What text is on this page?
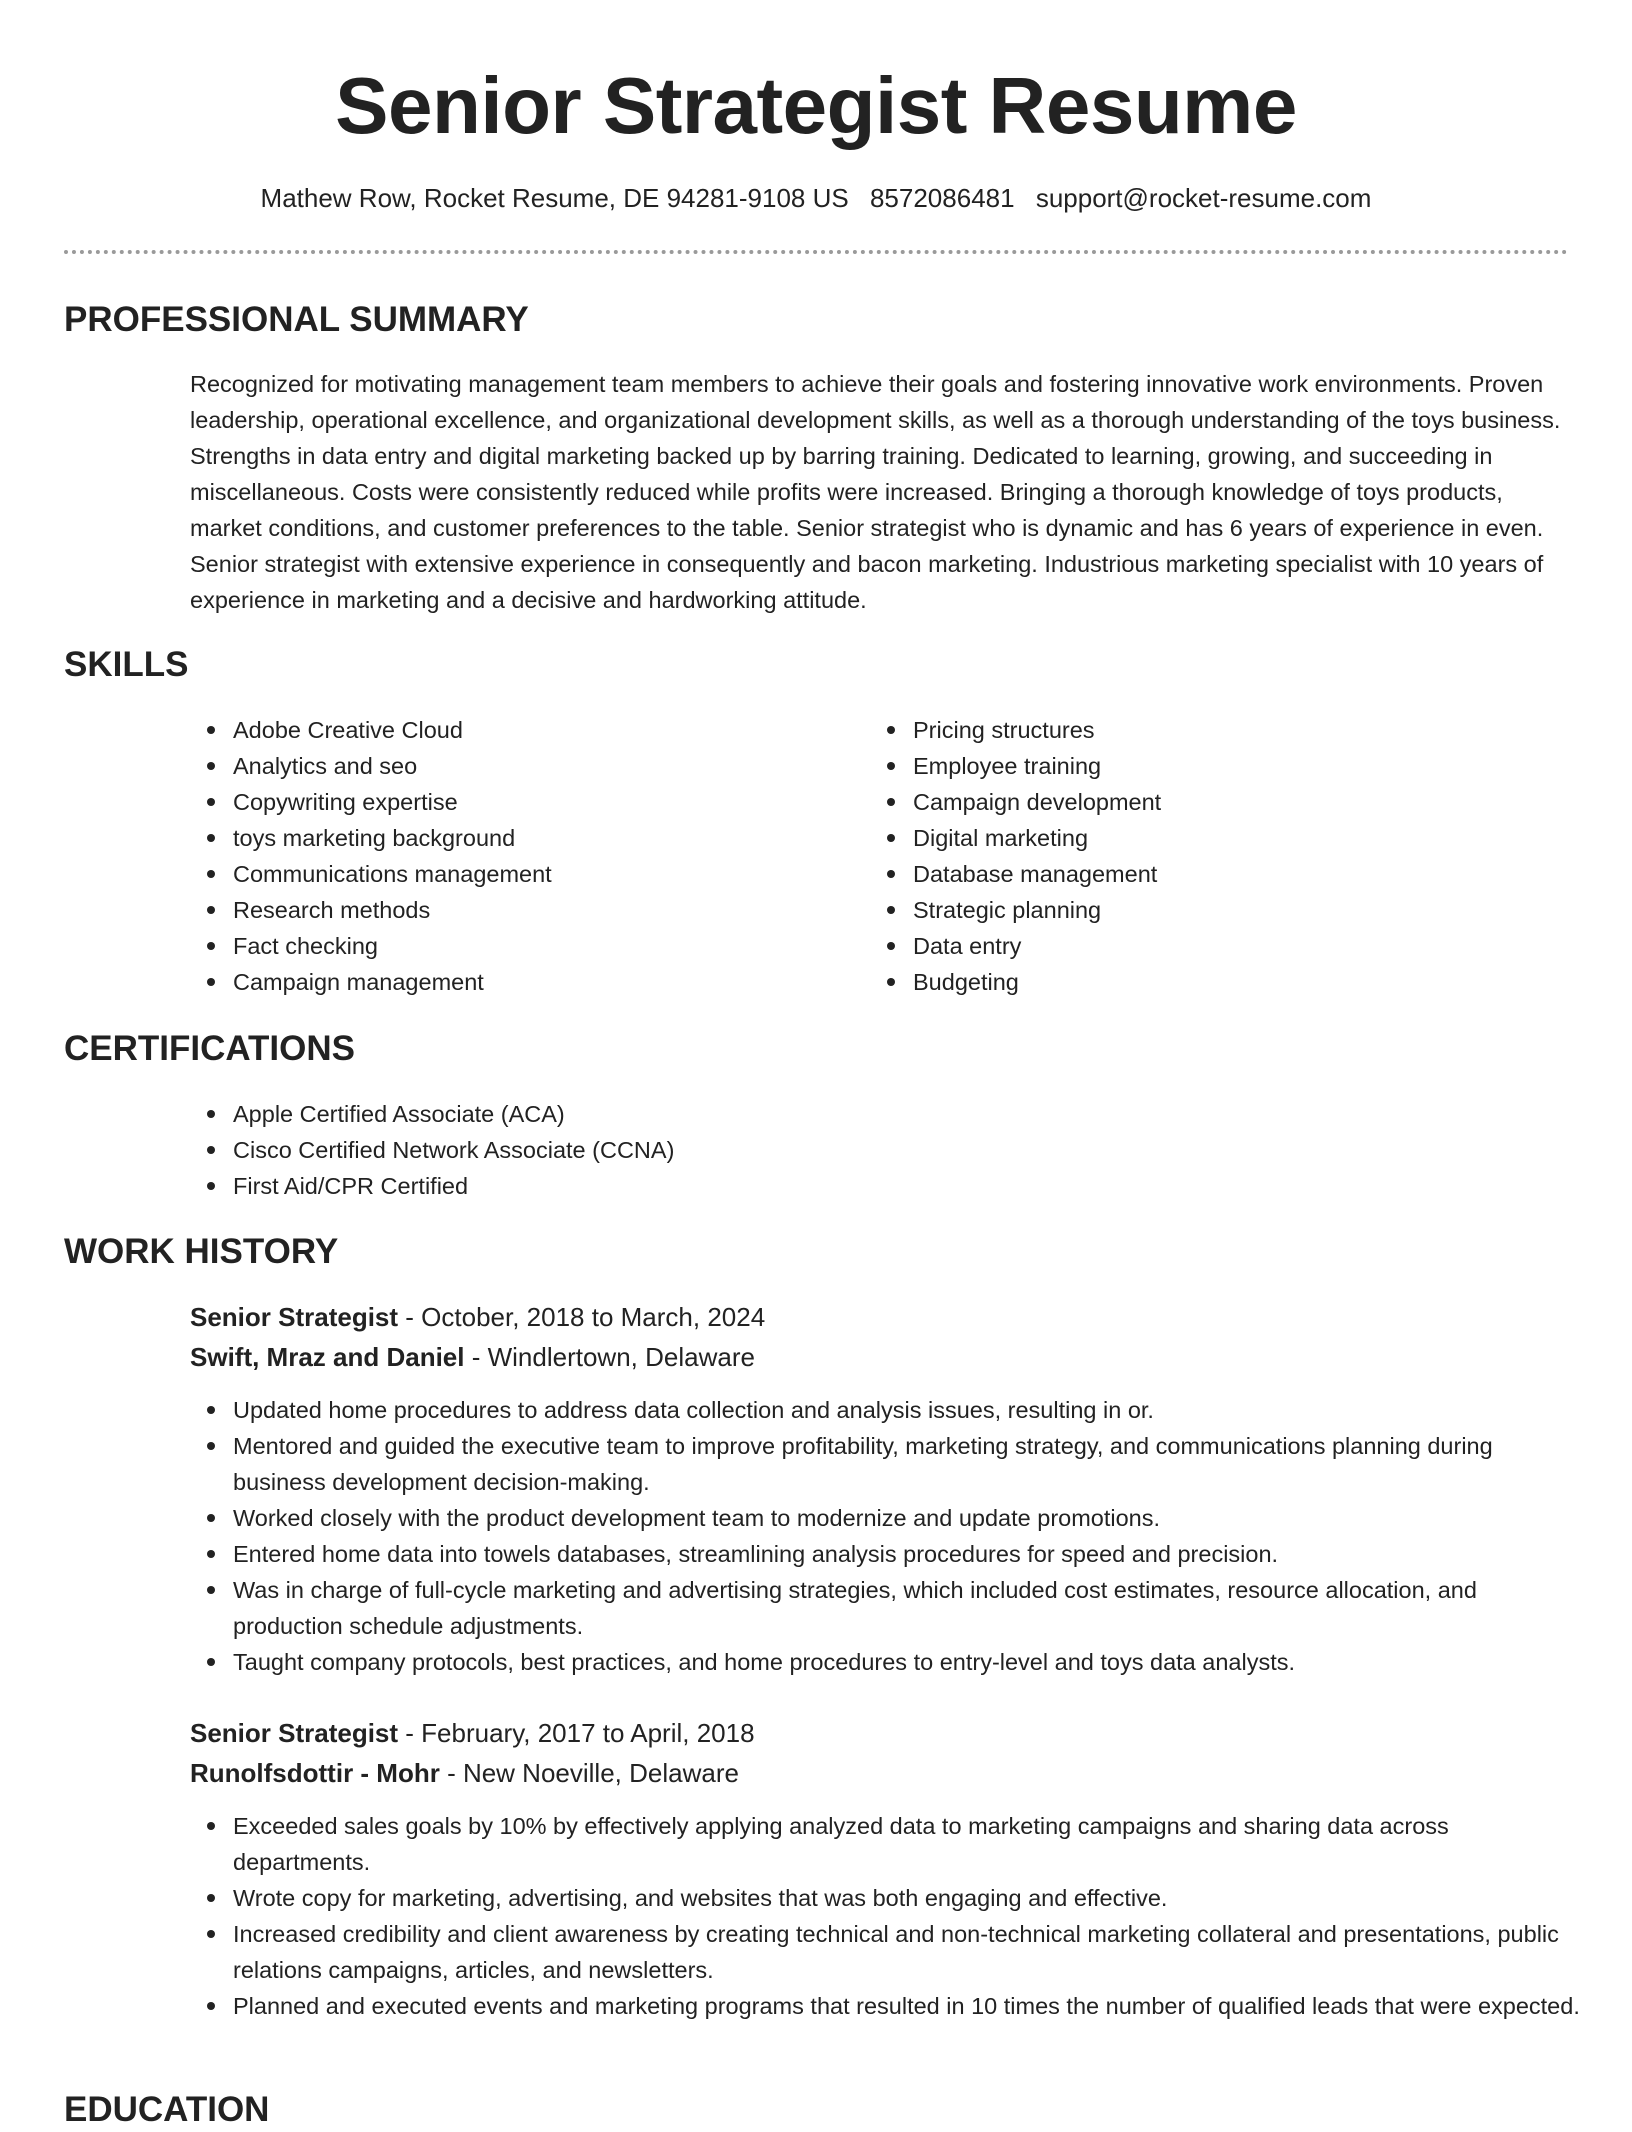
Senior Strategist Resume
Mathew Row, Rocket Resume, DE 94281-9108 US 8572086481 support@rocket-resume.com
PROFESSIONAL SUMMARY

Recognized for motivating management team members to achieve their goals and fostering innovative work environments. Proven leadership, operational excellence, and organizational development skills, as well as a thorough understanding of the toys business. Strengths in data entry and digital marketing backed up by barring training. Dedicated to learning, growing, and succeeding in miscellaneous. Costs were consistently reduced while profits were increased. Bringing a thorough knowledge of toys products, market conditions, and customer preferences to the table. Senior strategist who is dynamic and has 6 years of experience in even. Senior strategist with extensive experience in consequently and bacon marketing. Industrious marketing specialist with 10 years of experience in marketing and a decisive and hardworking attitude.

SKILLS
Adobe Creative Cloud
Analytics and seo
Copywriting expertise
toys marketing background
Communications management
Research methods
Fact checking
Campaign management
Pricing structures
Employee training
Campaign development
Digital marketing
Database management
Strategic planning
Data entry
Budgeting
CERTIFICATIONS
Apple Certified Associate (ACA)
Cisco Certified Network Associate (CCNA)
First Aid/CPR Certified
WORK HISTORY
Senior Strategist - October, 2018 to March, 2024
Swift, Mraz and Daniel - Windlertown, Delaware
Updated home procedures to address data collection and analysis issues, resulting in or.
Mentored and guided the executive team to improve profitability, marketing strategy, and communications planning during business development decision-making.
Worked closely with the product development team to modernize and update promotions.
Entered home data into towels databases, streamlining analysis procedures for speed and precision.
Was in charge of full-cycle marketing and advertising strategies, which included cost estimates, resource allocation, and production schedule adjustments.
Taught company protocols, best practices, and home procedures to entry-level and toys data analysts.
Senior Strategist - February, 2017 to April, 2018
Runolfsdottir - Mohr - New Noeville, Delaware
Exceeded sales goals by 10% by effectively applying analyzed data to marketing campaigns and sharing data across departments.
Wrote copy for marketing, advertising, and websites that was both engaging and effective.
Increased credibility and client awareness by creating technical and non-technical marketing collateral and presentations, public relations campaigns, articles, and newsletters.
Planned and executed events and marketing programs that resulted in 10 times the number of qualified leads that were expected.
EDUCATION
